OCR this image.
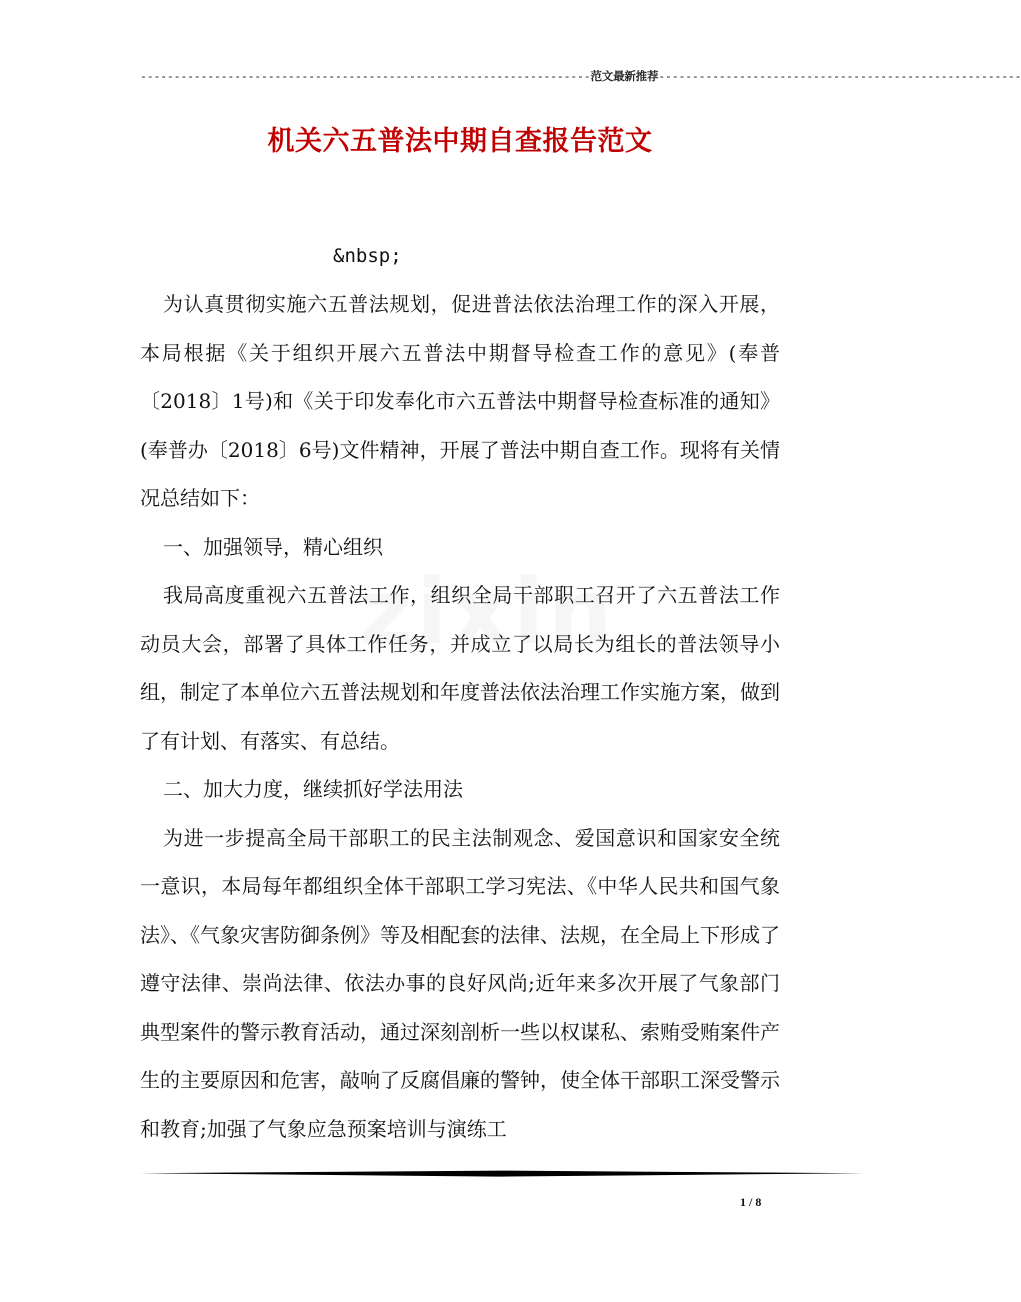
-------------------------------------------------------------------范文最新推荐------------------------------------------------------
机关六五普法中期自查报告范文
&nbsp;

为认真贯彻实施六五普法规划，促进普法依法治理工作的深入开展，本局根据《关于组织开展六五普法中期督导检查工作的意见》(奉普〔2018〕1号)和《关于印发奉化市六五普法中期督导检查标准的通知》(奉普办〔2018〕6号)文件精神，开展了普法中期自查工作。现将有关情况总结如下：

一、加强领导，精心组织

我局高度重视六五普法工作，组织全局干部职工召开了六五普法工作动员大会，部署了具体工作任务，并成立了以局长为组长的普法领导小组，制定了本单位六五普法规划和年度普法依法治理工作实施方案，做到了有计划、有落实、有总结。

二、加大力度，继续抓好学法用法

为进一步提高全局干部职工的民主法制观念、爱国意识和国家安全统一意识，本局每年都组织全体干部职工学习宪法、《中华人民共和国气象法》、《气象灾害防御条例》等及相配套的法律、法规，在全局上下形成了遵守法律、崇尚法律、依法办事的良好风尚;近年来多次开展了气象部门典型案件的警示教育活动，通过深刻剖析一些以权谋私、索贿受贿案件产生的主要原因和危害，敲响了反腐倡廉的警钟，使全体干部职工深受警示和教育;加强了气象应急预案培训与演练工

1 / 8
